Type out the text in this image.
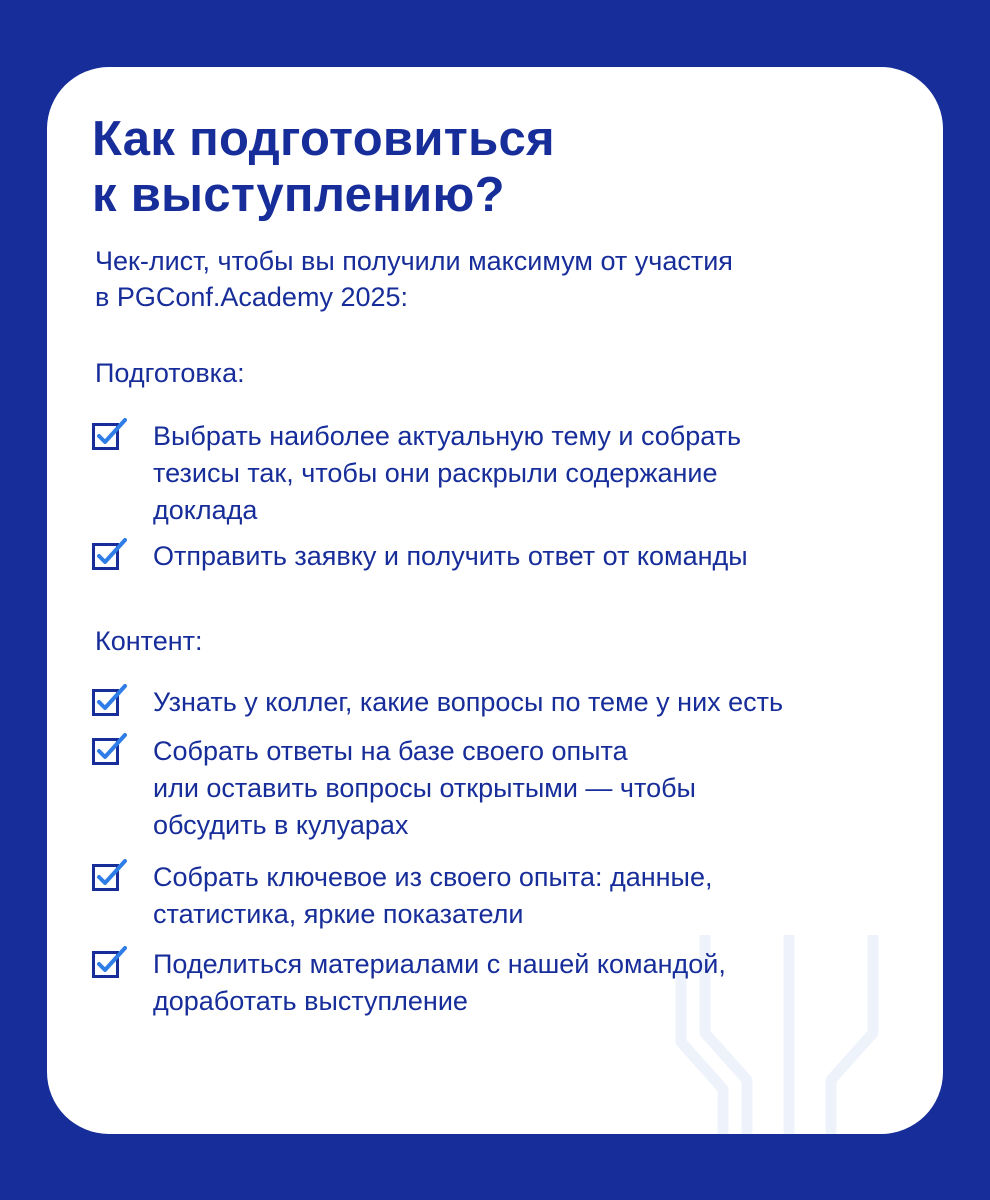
Как подготовиться
к выступлению?

Чек-лист, чтобы вы получили максимум от участия
в PGConf.Academy 2025:

Подготовка:

Выбрать наиболее актуальную тему и собрать
тезисы так, чтобы они раскрыли содержание
доклада
Отправить заявку и получить ответ от команды

Контент:

Узнать у коллег, какие вопросы по теме у них есть
Собрать ответы на базе своего опыта
или оставить вопросы открытыми — чтобы
обсудить в кулуарах
Собрать ключевое из своего опыта: данные,
статистика, яркие показатели
Поделиться материалами с нашей командой,
доработать выступление
